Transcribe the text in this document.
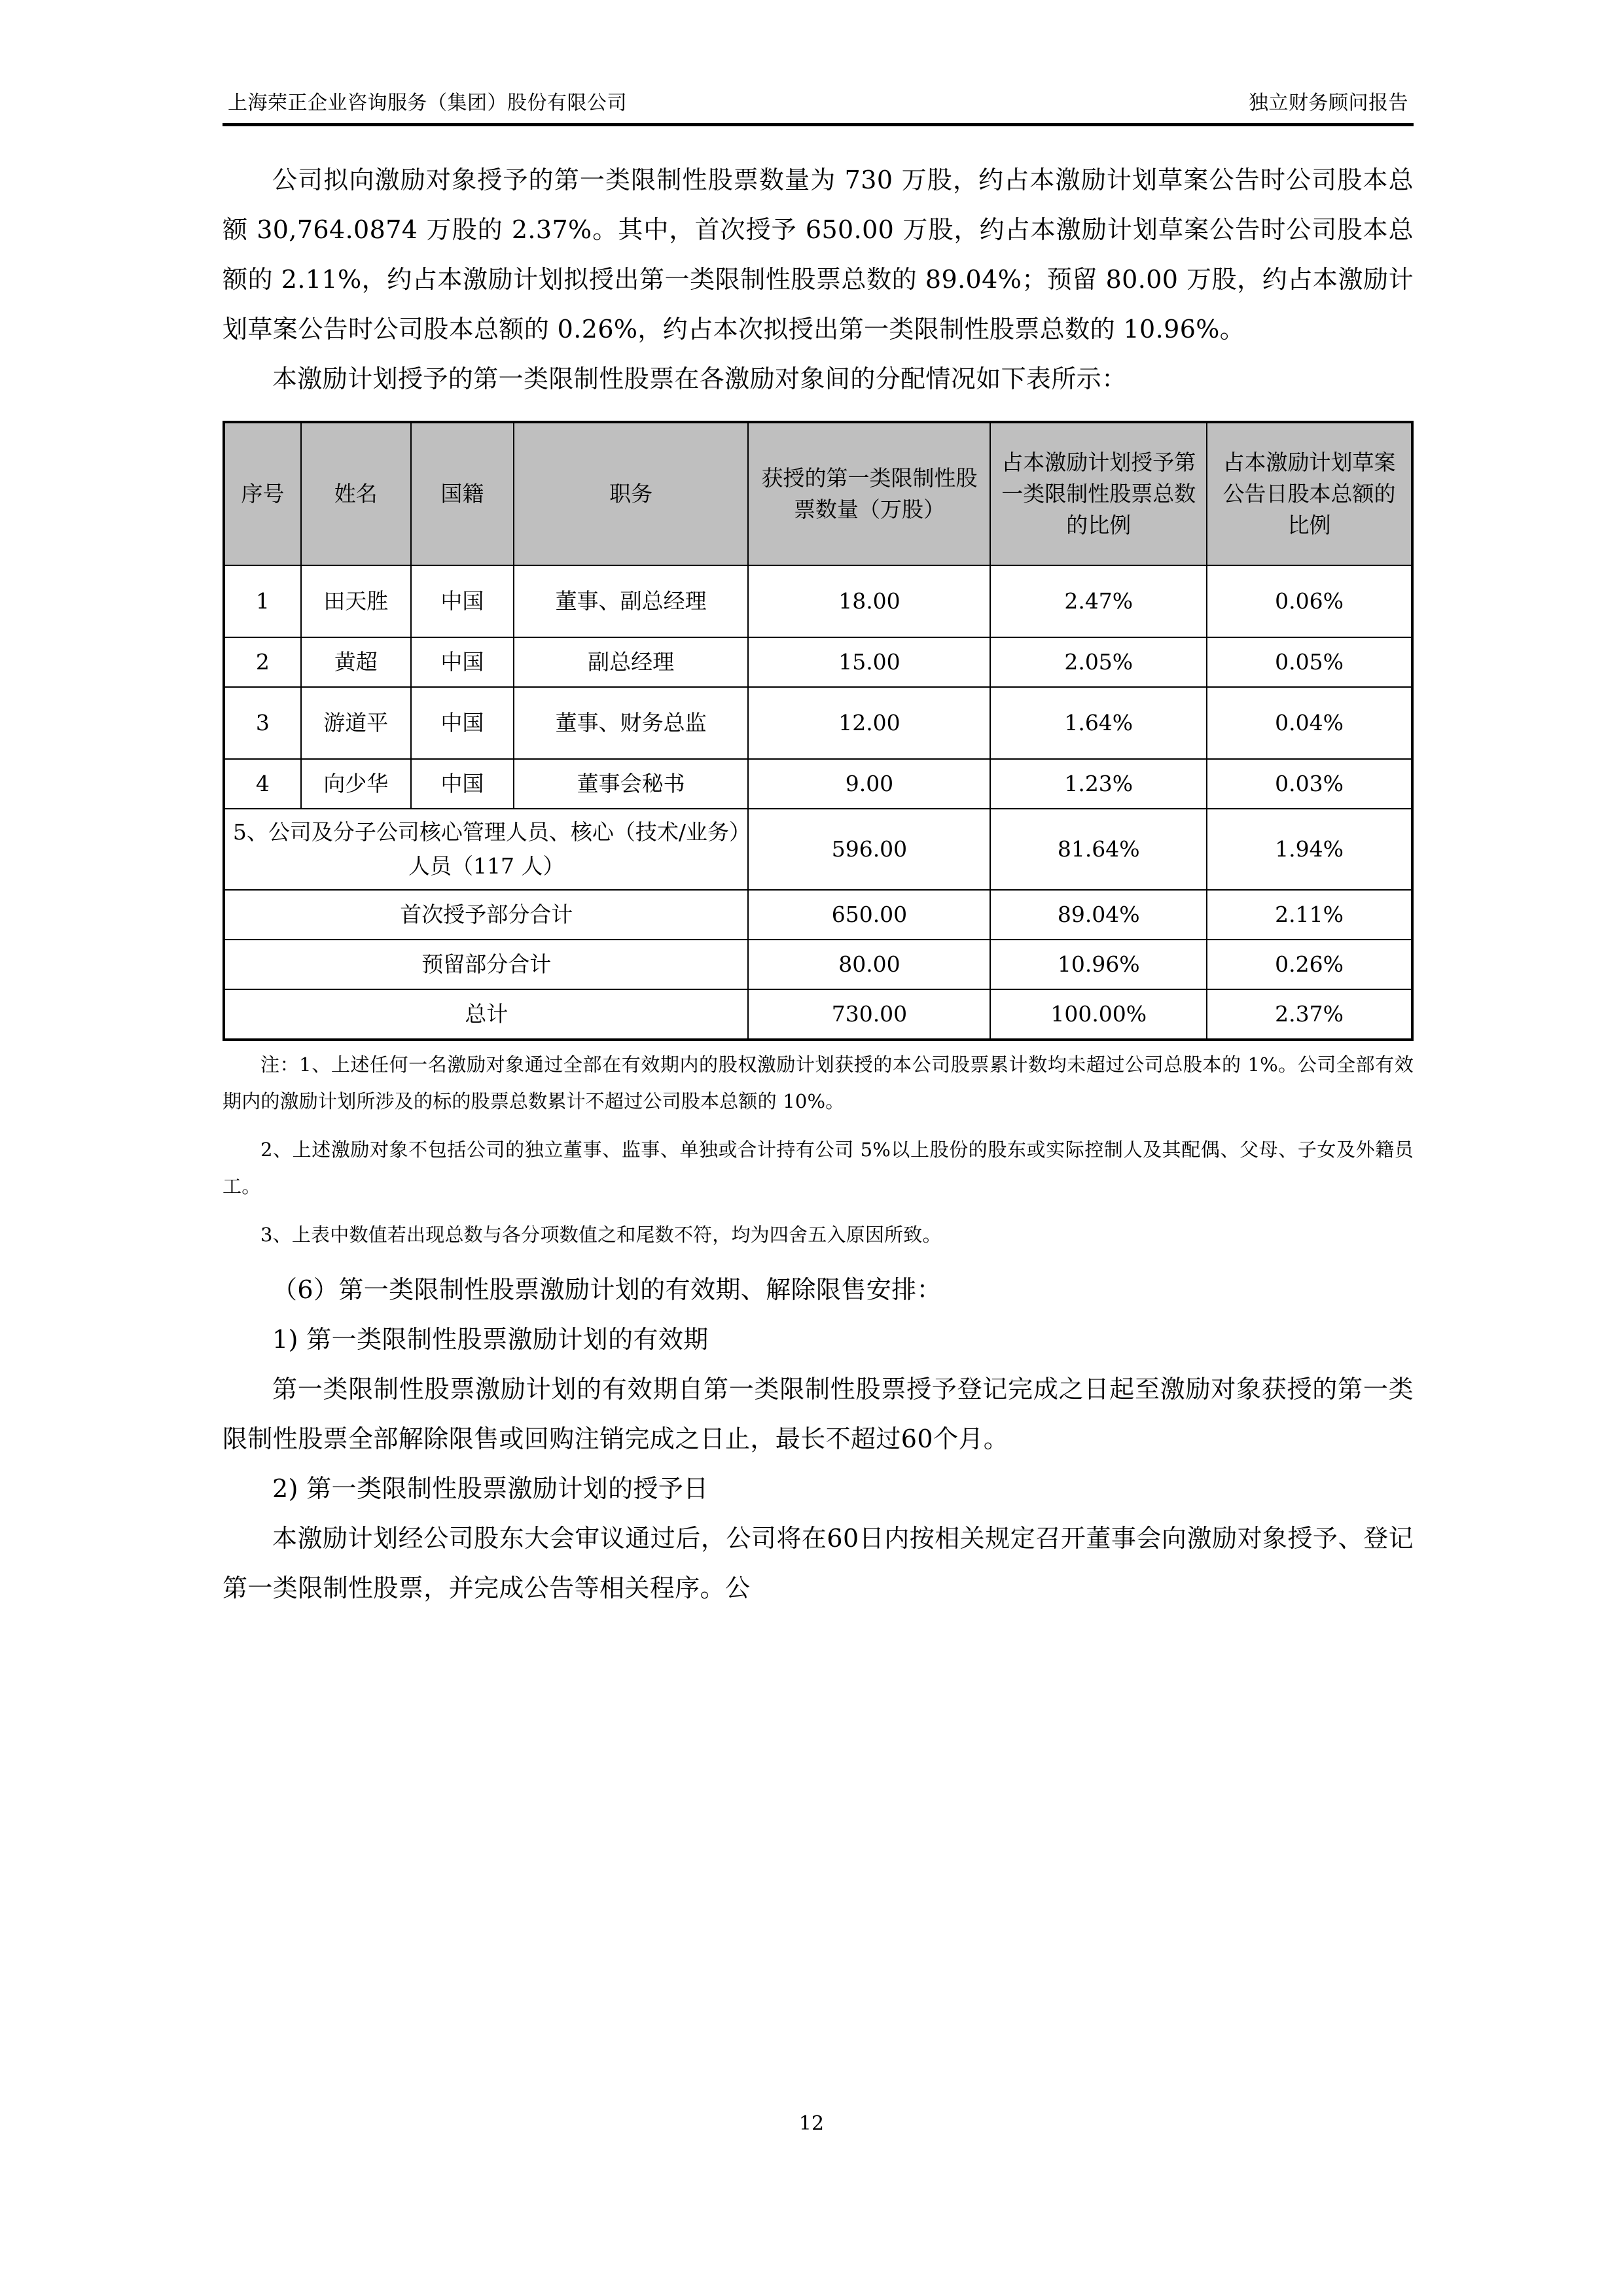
上海荣正企业咨询服务（集团）股份有限公司	独立财务顾问报告

公司拟向激励对象授予的第一类限制性股票数量为 730 万股，约占本激励计划草案公告时公司股本总额 30,764.0874 万股的 2.37%。其中，首次授予 650.00 万股，约占本激励计划草案公告时公司股本总额的 2.11%，约占本激励计划拟授出第一类限制性股票总数的 89.04%；预留 80.00 万股，约占本激励计划草案公告时公司股本总额的 0.26%，约占本次拟授出第一类限制性股票总数的 10.96%。

本激励计划授予的第一类限制性股票在各激励对象间的分配情况如下表所示：

序号	姓名	国籍	职务	获授的第一类限制性股票数量（万股）	占本激励计划授予第一类限制性股票总数的比例	占本激励计划草案公告日股本总额的比例
1	田天胜	中国	董事、副总经理	18.00	2.47%	0.06%
2	黄超	中国	副总经理	15.00	2.05%	0.05%
3	游道平	中国	董事、财务总监	12.00	1.64%	0.04%
4	向少华	中国	董事会秘书	9.00	1.23%	0.03%
5、公司及分子公司核心管理人员、核心（技术/业务）人员（117 人）				596.00	81.64%	1.94%
首次授予部分合计				650.00	89.04%	2.11%
预留部分合计				80.00	10.96%	0.26%
总计				730.00	100.00%	2.37%

注：1、上述任何一名激励对象通过全部在有效期内的股权激励计划获授的本公司股票累计数均未超过公司总股本的 1%。公司全部有效期内的激励计划所涉及的标的股票总数累计不超过公司股本总额的 10%。

2、上述激励对象不包括公司的独立董事、监事、单独或合计持有公司 5%以上股份的股东或实际控制人及其配偶、父母、子女及外籍员工。

3、上表中数值若出现总数与各分项数值之和尾数不符，均为四舍五入原因所致。

（6）第一类限制性股票激励计划的有效期、解除限售安排：

1) 第一类限制性股票激励计划的有效期

第一类限制性股票激励计划的有效期自第一类限制性股票授予登记完成之日起至激励对象获授的第一类限制性股票全部解除限售或回购注销完成之日止，最长不超过60个月。

2) 第一类限制性股票激励计划的授予日

本激励计划经公司股东大会审议通过后，公司将在60日内按相关规定召开董事会向激励对象授予、登记第一类限制性股票，并完成公告等相关程序。公

12
